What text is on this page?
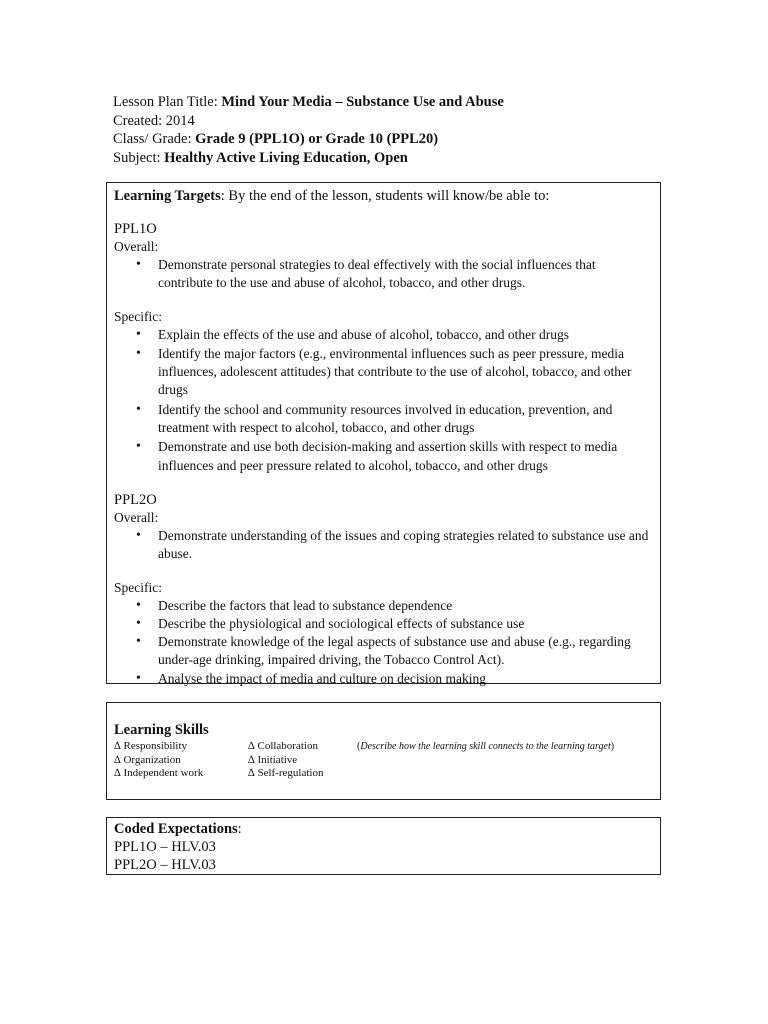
Lesson Plan Title: Mind Your Media – Substance Use and Abuse
Created: 2014
Class/ Grade: Grade 9 (PPL1O) or Grade 10 (PPL20)
Subject: Healthy Active Living Education, Open
Learning Targets: By the end of the lesson, students will know/be able to:
PPL1O
Overall:
• Demonstrate personal strategies to deal effectively with the social influences that contribute to the use and abuse of alcohol, tobacco, and other drugs.
Specific:
• Explain the effects of the use and abuse of alcohol, tobacco, and other drugs
• Identify the major factors (e.g., environmental influences such as peer pressure, media influences, adolescent attitudes) that contribute to the use of alcohol, tobacco, and other drugs
• Identify the school and community resources involved in education, prevention, and treatment with respect to alcohol, tobacco, and other drugs
• Demonstrate and use both decision-making and assertion skills with respect to media influences and peer pressure related to alcohol, tobacco, and other drugs
PPL2O
Overall:
• Demonstrate understanding of the issues and coping strategies related to substance use and abuse.
Specific:
• Describe the factors that lead to substance dependence
• Describe the physiological and sociological effects of substance use
• Demonstrate knowledge of the legal aspects of substance use and abuse (e.g., regarding under-age drinking, impaired driving, the Tobacco Control Act).
• Analyse the impact of media and culture on decision making
Learning Skills
∆ Responsibility
∆ Organization
∆ Independent work
∆ Collaboration
∆ Initiative
∆ Self-regulation
(Describe how the learning skill connects to the learning target)
Coded Expectations:
PPL1O – HLV.03
PPL2O – HLV.03
